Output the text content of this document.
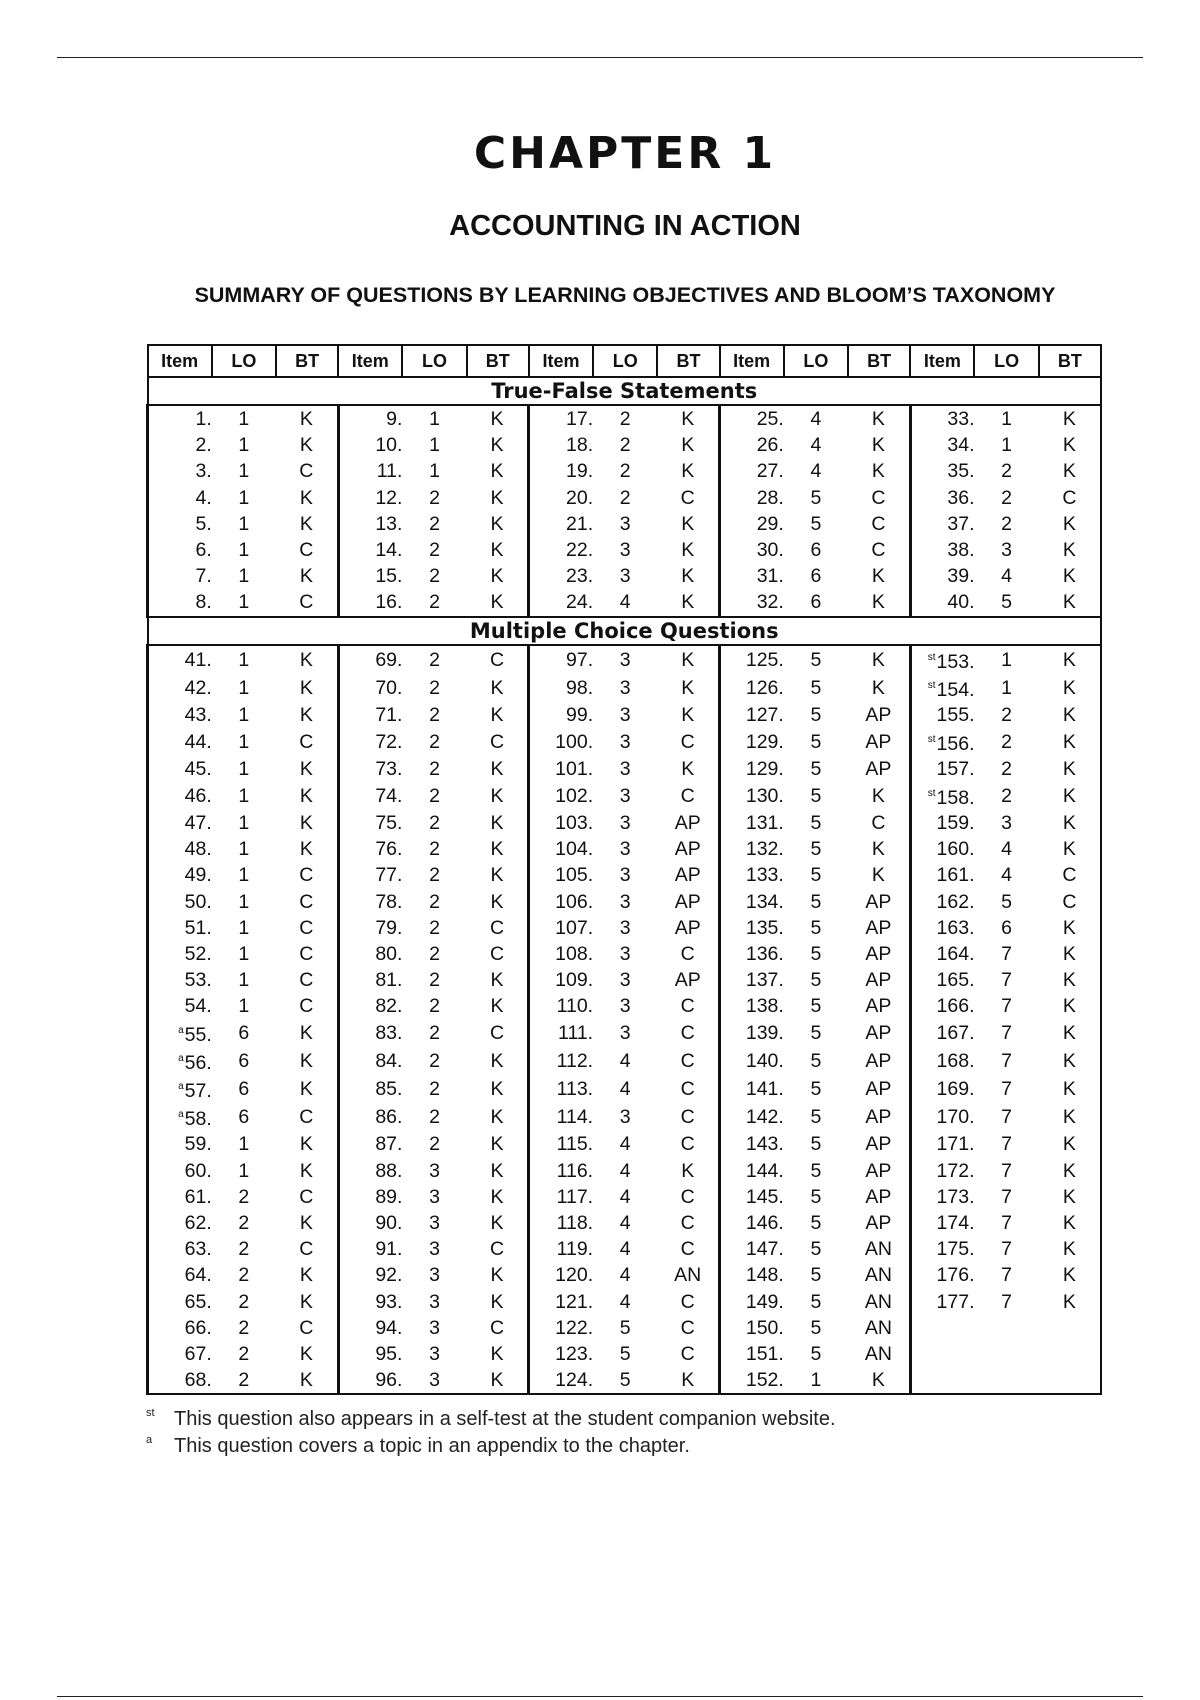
CHAPTER 1
ACCOUNTING IN ACTION
SUMMARY OF QUESTIONS BY LEARNING OBJECTIVES AND BLOOM’S TAXONOMY
Item	LO	BT	Item	LO	BT	Item	LO	BT	Item	LO	BT	Item	LO	BT
True-False Statements														
1.	1	K	9.	1	K	17.	2	K	25.	4	K	33.	1	K
2.	1	K	10.	1	K	18.	2	K	26.	4	K	34.	1	K
3.	1	C	11.	1	K	19.	2	K	27.	4	K	35.	2	K
4.	1	K	12.	2	K	20.	2	C	28.	5	C	36.	2	C
5.	1	K	13.	2	K	21.	3	K	29.	5	C	37.	2	K
6.	1	C	14.	2	K	22.	3	K	30.	6	C	38.	3	K
7.	1	K	15.	2	K	23.	3	K	31.	6	K	39.	4	K
8.	1	C	16.	2	K	24.	4	K	32.	6	K	40.	5	K
Multiple Choice Questions														
41.	1	K	69.	2	C	97.	3	K	125.	5	K	$^{st}$153.	1	K
42.	1	K	70.	2	K	98.	3	K	126.	5	K	$^{st}$154.	1	K
43.	1	K	71.	2	K	99.	3	K	127.	5	AP	155.	2	K
44.	1	C	72.	2	C	100.	3	C	129.	5	AP	$^{st}$156.	2	K
45.	1	K	73.	2	K	101.	3	K	129.	5	AP	157.	2	K
46.	1	K	74.	2	K	102.	3	C	130.	5	K	$^{st}$158.	2	K
47.	1	K	75.	2	K	103.	3	AP	131.	5	C	159.	3	K
48.	1	K	76.	2	K	104.	3	AP	132.	5	K	160.	4	K
49.	1	C	77.	2	K	105.	3	AP	133.	5	K	161.	4	C
50.	1	C	78.	2	K	106.	3	AP	134.	5	AP	162.	5	C
51.	1	C	79.	2	C	107.	3	AP	135.	5	AP	163.	6	K
52.	1	C	80.	2	C	108.	3	C	136.	5	AP	164.	7	K
53.	1	C	81.	2	K	109.	3	AP	137.	5	AP	165.	7	K
54.	1	C	82.	2	K	110.	3	C	138.	5	AP	166.	7	K
$^a$55.	6	K	83.	2	C	111.	3	C	139.	5	AP	167.	7	K
$^a$56.	6	K	84.	2	K	112.	4	C	140.	5	AP	168.	7	K
$^a$57.	6	K	85.	2	K	113.	4	C	141.	5	AP	169.	7	K
$^a$58.	6	C	86.	2	K	114.	3	C	142.	5	AP	170.	7	K
59.	1	K	87.	2	K	115.	4	C	143.	5	AP	171.	7	K
60.	1	K	88.	3	K	116.	4	K	144.	5	AP	172.	7	K
61.	2	C	89.	3	K	117.	4	C	145.	5	AP	173.	7	K
62.	2	K	90.	3	K	118.	4	C	146.	5	AP	174.	7	K
63.	2	C	91.	3	C	119.	4	C	147.	5	AN	175.	7	K
64.	2	K	92.	3	K	120.	4	AN	148.	5	AN	176.	7	K
65.	2	K	93.	3	K	121.	4	C	149.	5	AN	177.	7	K
66.	2	C	94.	3	C	122.	5	C	150.	5	AN			
67.	2	K	95.	3	K	123.	5	C	151.	5	AN			
68.	2	K	96.	3	K	124.	5	K	152.	1	K			
st This question also appears in a self-test at the student companion website.
a This question covers a topic in an appendix to the chapter.
